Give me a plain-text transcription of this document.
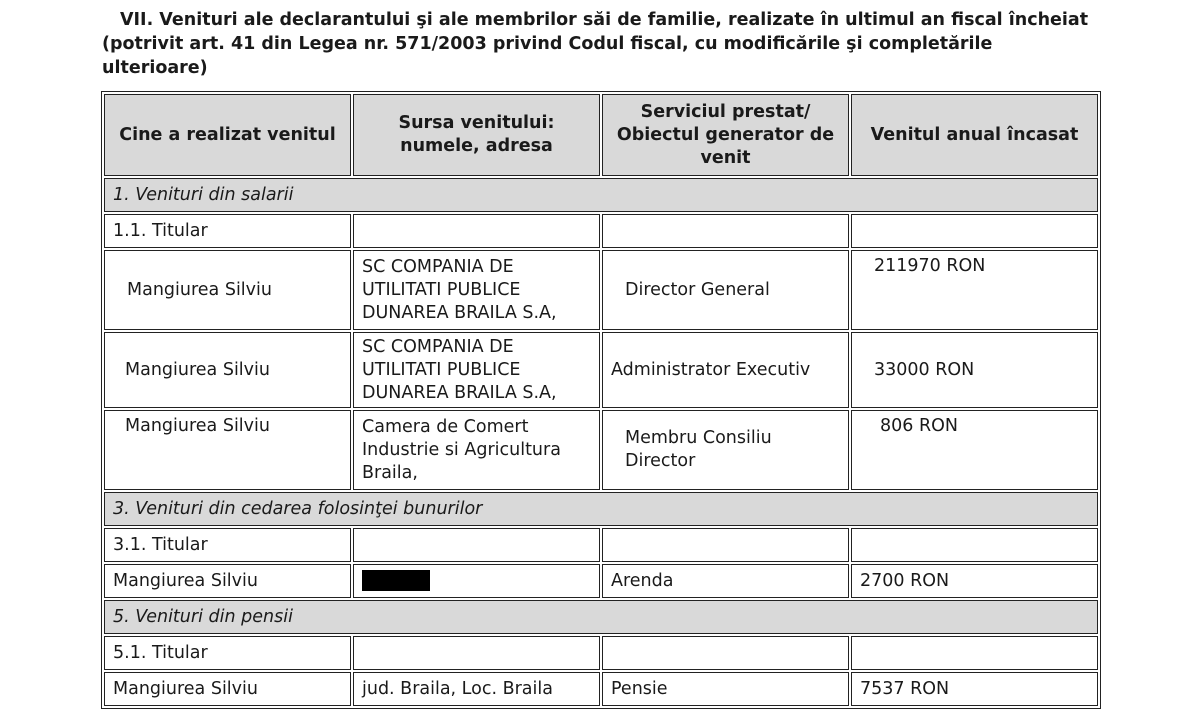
VII. Venituri ale declarantului şi ale membrilor săi de familie, realizate în ultimul an fiscal încheiat
(potrivit art. 41 din Legea nr. 571/2003 privind Codul fiscal, cu modificările şi completările
ulterioare)
Cine a realizat venitul	Sursa venitului: numele, adresa	Serviciul prestat/ Obiectul generator de venit	Venitul anual încasat
1. Venituri din salarii			
1.1. Titular			
Mangiurea Silviu	SC COMPANIA DE UTILITATI PUBLICE DUNAREA BRAILA S.A,	Director General	211970 RON
Mangiurea Silviu	SC COMPANIA DE UTILITATI PUBLICE DUNAREA BRAILA S.A,	Administrator Executiv	33000 RON
Mangiurea Silviu	Camera de Comert Industrie si Agricultura Braila,	Membru Consiliu Director	806 RON
3. Venituri din cedarea folosinţei bunurilor			
3.1. Titular			
Mangiurea Silviu		Arenda	2700 RON
5. Venituri din pensii			
5.1. Titular			
Mangiurea Silviu	jud. Braila, Loc. Braila	Pensie	7537 RON
